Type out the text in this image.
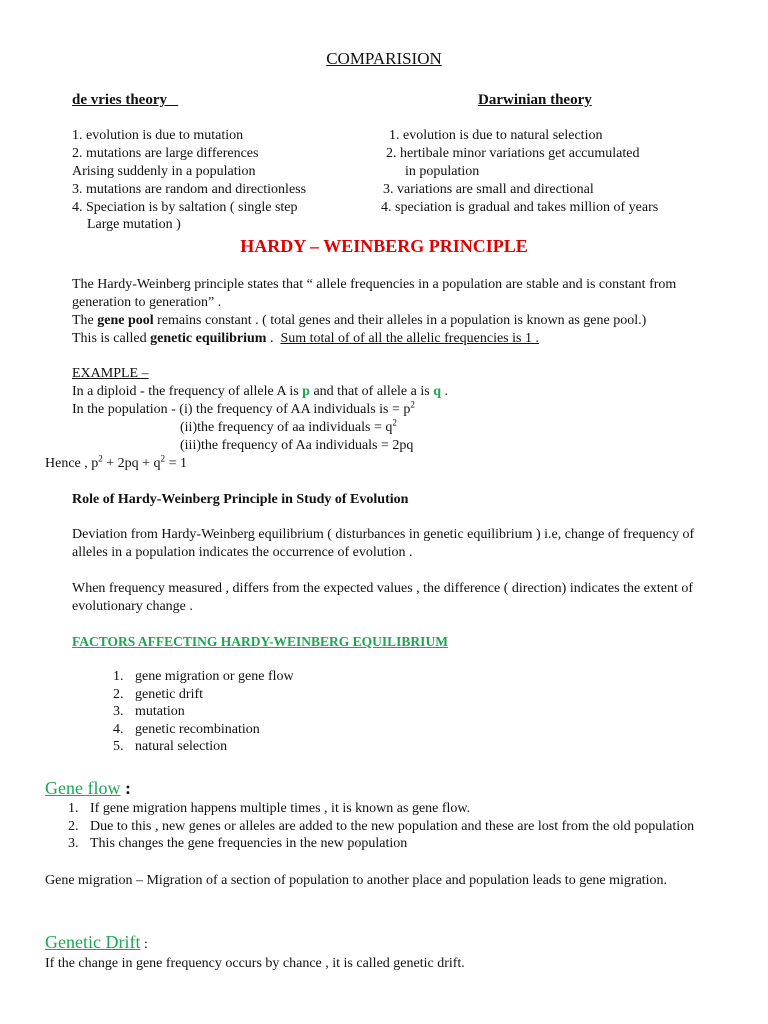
COMPARISION
de vries theory	Darwinian theory
1. evolution is due to mutation
2. mutations are large differences
Arising suddenly in a population
3. mutations are random and directionless
4. Speciation is by saltation ( single step
Large mutation )
1. evolution is due to natural selection
2. hertibale minor variations get accumulated
in population
3. variations are small and directional
4. speciation is gradual and takes million of years
HARDY – WEINBERG PRINCIPLE
The Hardy-Weinberg principle states that “ allele frequencies in a population are stable and is constant from
generation to generation” .
The gene pool remains constant . ( total genes and their alleles in a population is known as gene pool.)
This is called genetic equilibrium .  Sum total of of all the allelic frequencies is 1 .
EXAMPLE –
In a diploid - the frequency of allele A is p and that of allele a is q .
In the population - (i) the frequency of AA individuals is = $p^2$
(ii)the frequency of aa individuals = $q^2$
(iii)the frequency of Aa individuals = 2pq
Hence , $p^2 + 2pq + q^2 = 1$
Role of Hardy-Weinberg Principle in Study of Evolution
Deviation from Hardy-Weinberg equilibrium ( disturbances in genetic equilibrium ) i.e, change of frequency of
alleles in a population indicates the occurrence of evolution .
When frequency measured , differs from the expected values , the difference ( direction) indicates the extent of
evolutionary change .
FACTORS AFFECTING HARDY-WEINBERG EQUILIBRIUM
1. gene migration or gene flow

2. genetic drift

3. mutation

4. genetic recombination

5. natural selection

Gene flow :
1. If gene migration happens multiple times , it is known as gene flow.

2. Due to this , new genes or alleles are added to the new population and these are lost from the old population

3. This changes the gene frequencies in the new population

Gene migration – Migration of a section of population to another place and population leads to gene migration.
Genetic Drift :
If the change in gene frequency occurs by chance , it is called genetic drift.
